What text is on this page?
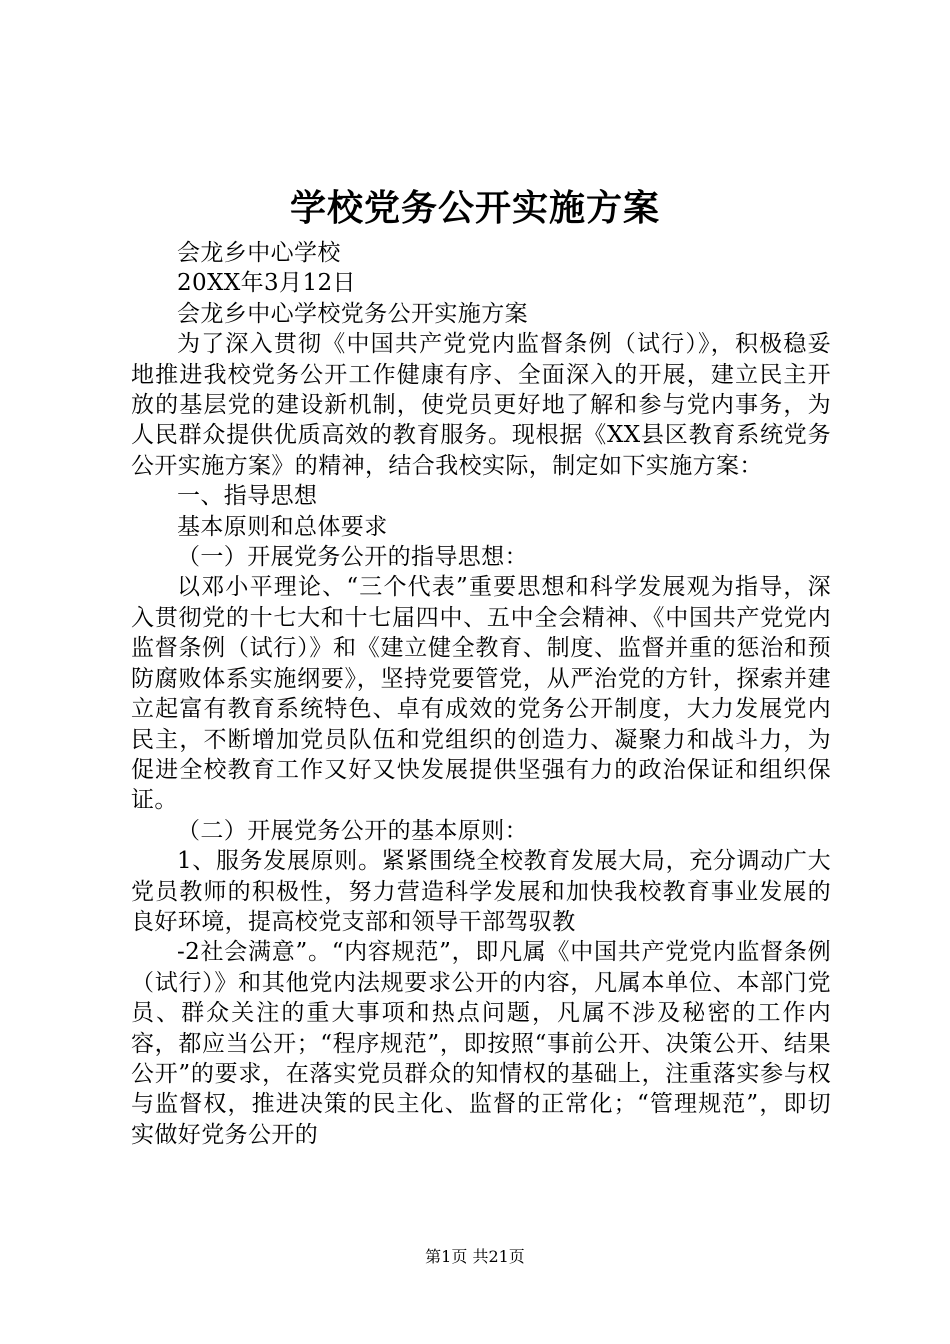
学校党务公开实施方案

会龙乡中心学校

20XX年3月12日

会龙乡中心学校党务公开实施方案

为了深入贯彻《中国共产党党内监督条例（试行）》，积极稳妥地推进我校党务公开工作健康有序、全面深入的开展，建立民主开放的基层党的建设新机制，使党员更好地了解和参与党内事务，为人民群众提供优质高效的教育服务。现根据《XX县区教育系统党务公开实施方案》的精神，结合我校实际，制定如下实施方案：

一、指导思想

基本原则和总体要求

（一）开展党务公开的指导思想：

以邓小平理论、“三个代表”重要思想和科学发展观为指导，深入贯彻党的十七大和十七届四中、五中全会精神、《中国共产党党内监督条例（试行）》和《建立健全教育、制度、监督并重的惩治和预防腐败体系实施纲要》，坚持党要管党，从严治党的方针，探索并建立起富有教育系统特色、卓有成效的党务公开制度，大力发展党内民主，不断增加党员队伍和党组织的创造力、凝聚力和战斗力，为促进全校教育工作又好又快发展提供坚强有力的政治保证和组织保证。

（二）开展党务公开的基本原则：

1、服务发展原则。紧紧围绕全校教育发展大局，充分调动广大党员教师的积极性，努力营造科学发展和加快我校教育事业发展的良好环境，提高校党支部和领导干部驾驭教

-2社会满意”。“内容规范”，即凡属《中国共产党党内监督条例（试行）》和其他党内法规要求公开的内容，凡属本单位、本部门党员、群众关注的重大事项和热点问题，凡属不涉及秘密的工作内容，都应当公开；“程序规范”，即按照“事前公开、决策公开、结果公开”的要求，在落实党员群众的知情权的基础上，注重落实参与权与监督权，推进决策的民主化、监督的正常化；“管理规范”，即切实做好党务公开的

第1页 共21页
